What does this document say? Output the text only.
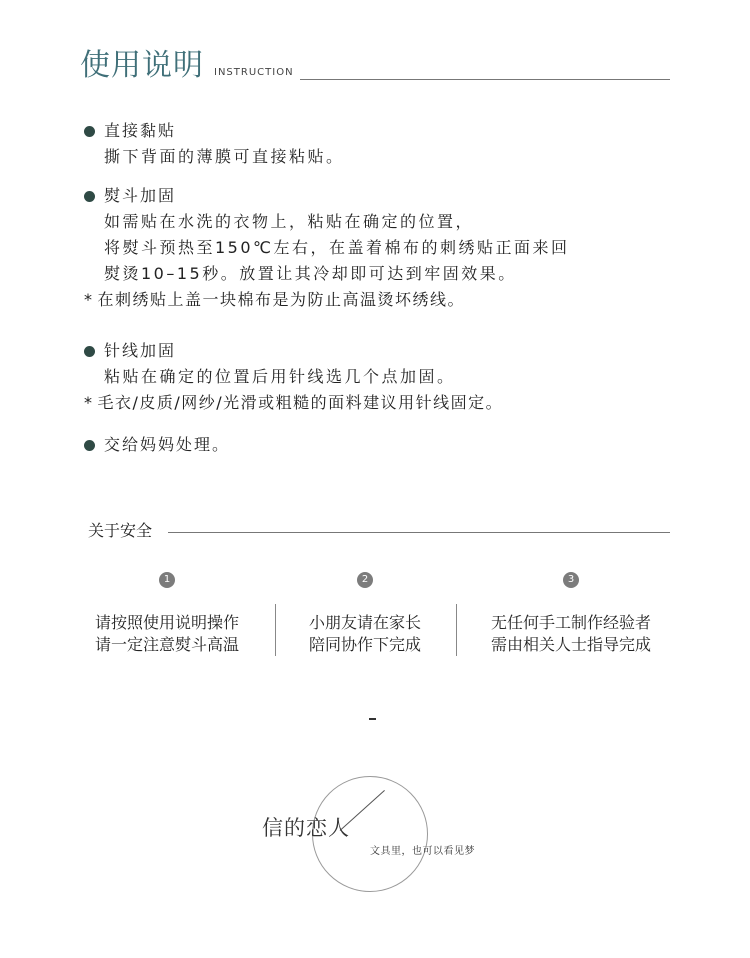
使用说明 INSTRUCTION
直接黏贴
撕下背面的薄膜可直接粘贴。
熨斗加固
如需贴在水洗的衣物上，粘贴在确定的位置，
将熨斗预热至150℃左右，在盖着棉布的刺绣贴正面来回
熨烫10–15秒。放置让其冷却即可达到牢固效果。
* 在刺绣贴上盖一块棉布是为防止高温烫坏绣线。
针线加固
粘贴在确定的位置后用针线选几个点加固。
* 毛衣/皮质/网纱/光滑或粗糙的面料建议用针线固定。
交给妈妈处理。
关于安全
1
请按照使用说明操作
请一定注意熨斗高温
2
小朋友请在家长
陪同协作下完成
3
无任何手工制作经验者
需由相关人士指导完成
信的恋人
文具里，也可以看见梦
